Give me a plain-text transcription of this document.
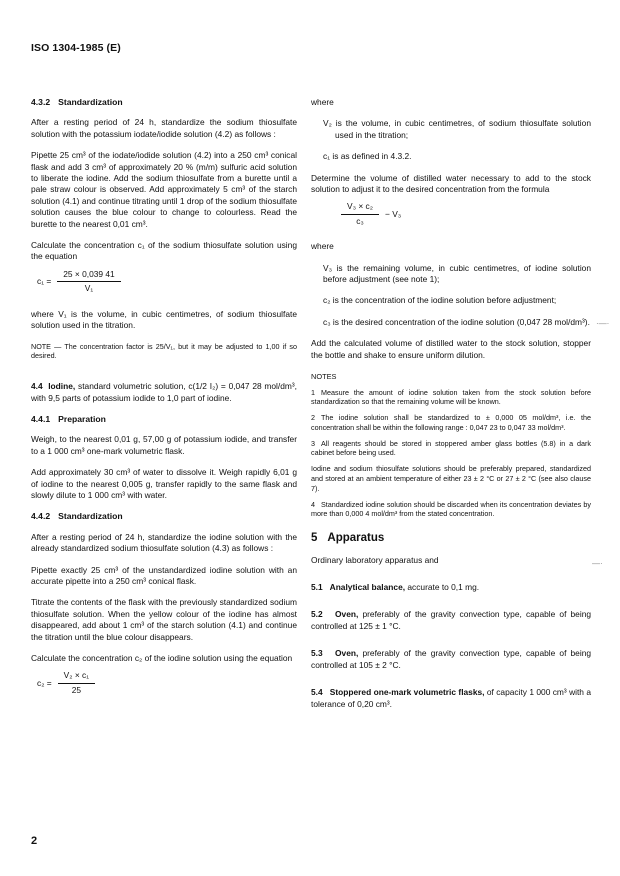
ISO 1304-1985 (E)
4.3.2 Standardization

After a resting period of 24 h, standardize the sodium thiosulfate solution with the potassium iodate/iodide solution (4.2) as follows :

Pipette 25 cm³ of the iodate/iodide solution (4.2) into a 250 cm³ conical flask and add 3 cm³ of approximately 20 % (m/m) sulfuric acid solution to liberate the iodine. Add the sodium thiosulfate from a burette until a pale straw colour is observed. Add approximately 5 cm³ of the starch solution (4.1) and continue titrating until 1 drop of the sodium thiosulfate solution causes the blue colour to change to colourless. Read the burette to the nearest 0,01 cm³.

Calculate the concentration c₁ of the sodium thiosulfate solution using the equation

$c_1 = \frac{25 \times 0,039 41}{\text{V₁}}$

where V₁ is the volume, in cubic centimetres, of sodium thiosulfate solution used in the titration.

NOTE — The concentration factor is 25/V₁, but it may be adjusted to 1,00 if so desired.

4.4 Iodine, standard volumetric solution, c(1/2 I₂) = 0,047 28 mol/dm³, with 9,5 parts of potassium iodide to 1,0 part of iodine.

4.4.1 Preparation

Weigh, to the nearest 0,01 g, 57,00 g of potassium iodide, and transfer to a 1 000 cm³ one-mark volumetric flask.

Add approximately 30 cm³ of water to dissolve it. Weigh rapidly 6,01 g of iodine to the nearest 0,005 g, transfer rapidly to the same flask and slowly dilute to 1 000 cm³ with water.

4.4.2 Standardization

After a resting period of 24 h, standardize the iodine solution with the already standardized sodium thiosulfate solution (4.3) as follows :

Pipette exactly 25 cm³ of the unstandardized iodine solution with an accurate pipette into a 250 cm³ conical flask.

Titrate the contents of the flask with the previously standardized sodium thiosulfate solution. When the yellow colour of the iodine has almost disappeared, add about 1 cm³ of the starch solution (4.1) and continue the titration until the blue colour disappears.

Calculate the concentration c₂ of the iodine solution using the equation

$c_2 = \frac{\text{V₂ × c₁}}{25}$

where

V₂ is the volume, in cubic centimetres, of sodium thiosulfate solution used in the titration;

c₁ is as defined in 4.3.2.

Determine the volume of distilled water necessary to add to the stock solution to adjust it to the desired concentration from the formula

$\frac{\text{V₃ × c₂}}{\text{c₃}} - V_3$

where

V₃ is the remaining volume, in cubic centimetres, of iodine solution before adjustment (see note 1);

c₂ is the concentration of the iodine solution before adjustment;

c₃ is the desired concentration of the iodine solution (0,047 28 mol/dm³).

Add the calculated volume of distilled water to the stock solution, stopper the bottle and shake to ensure uniform dilution.

NOTES

1 Measure the amount of iodine solution taken from the stock solution before standardization so that the remaining volume will be known.

2 The iodine solution shall be standardized to ± 0,000 05 mol/dm³, i.e. the concentration shall be within the following range : 0,047 23 to 0,047 33 mol/dm³.

3 All reagents should be stored in stoppered amber glass bottles (5.8) in a dark cabinet before being used.

Iodine and sodium thiosulfate solutions should be preferably prepared, standardized and stored at an ambient temperature of either 23 ± 2 °C or 27 ± 2 °C (see also clause 7).

4 Standardized iodine solution should be discarded when its concentration deviates by more than 0,000 4 mol/dm³ from the stated concentration.

5 Apparatus

Ordinary laboratory apparatus and

5.1 Analytical balance, accurate to 0,1 mg.

5.2 Oven, preferably of the gravity convection type, capable of being controlled at 125 ± 1 °C.

5.3 Oven, preferably of the gravity convection type, capable of being controlled at 105 ± 2 °C.

5.4 Stoppered one-mark volumetric flasks, of capacity 1 000 cm³ with a tolerance of 0,20 cm³.

·—·
—·
2
